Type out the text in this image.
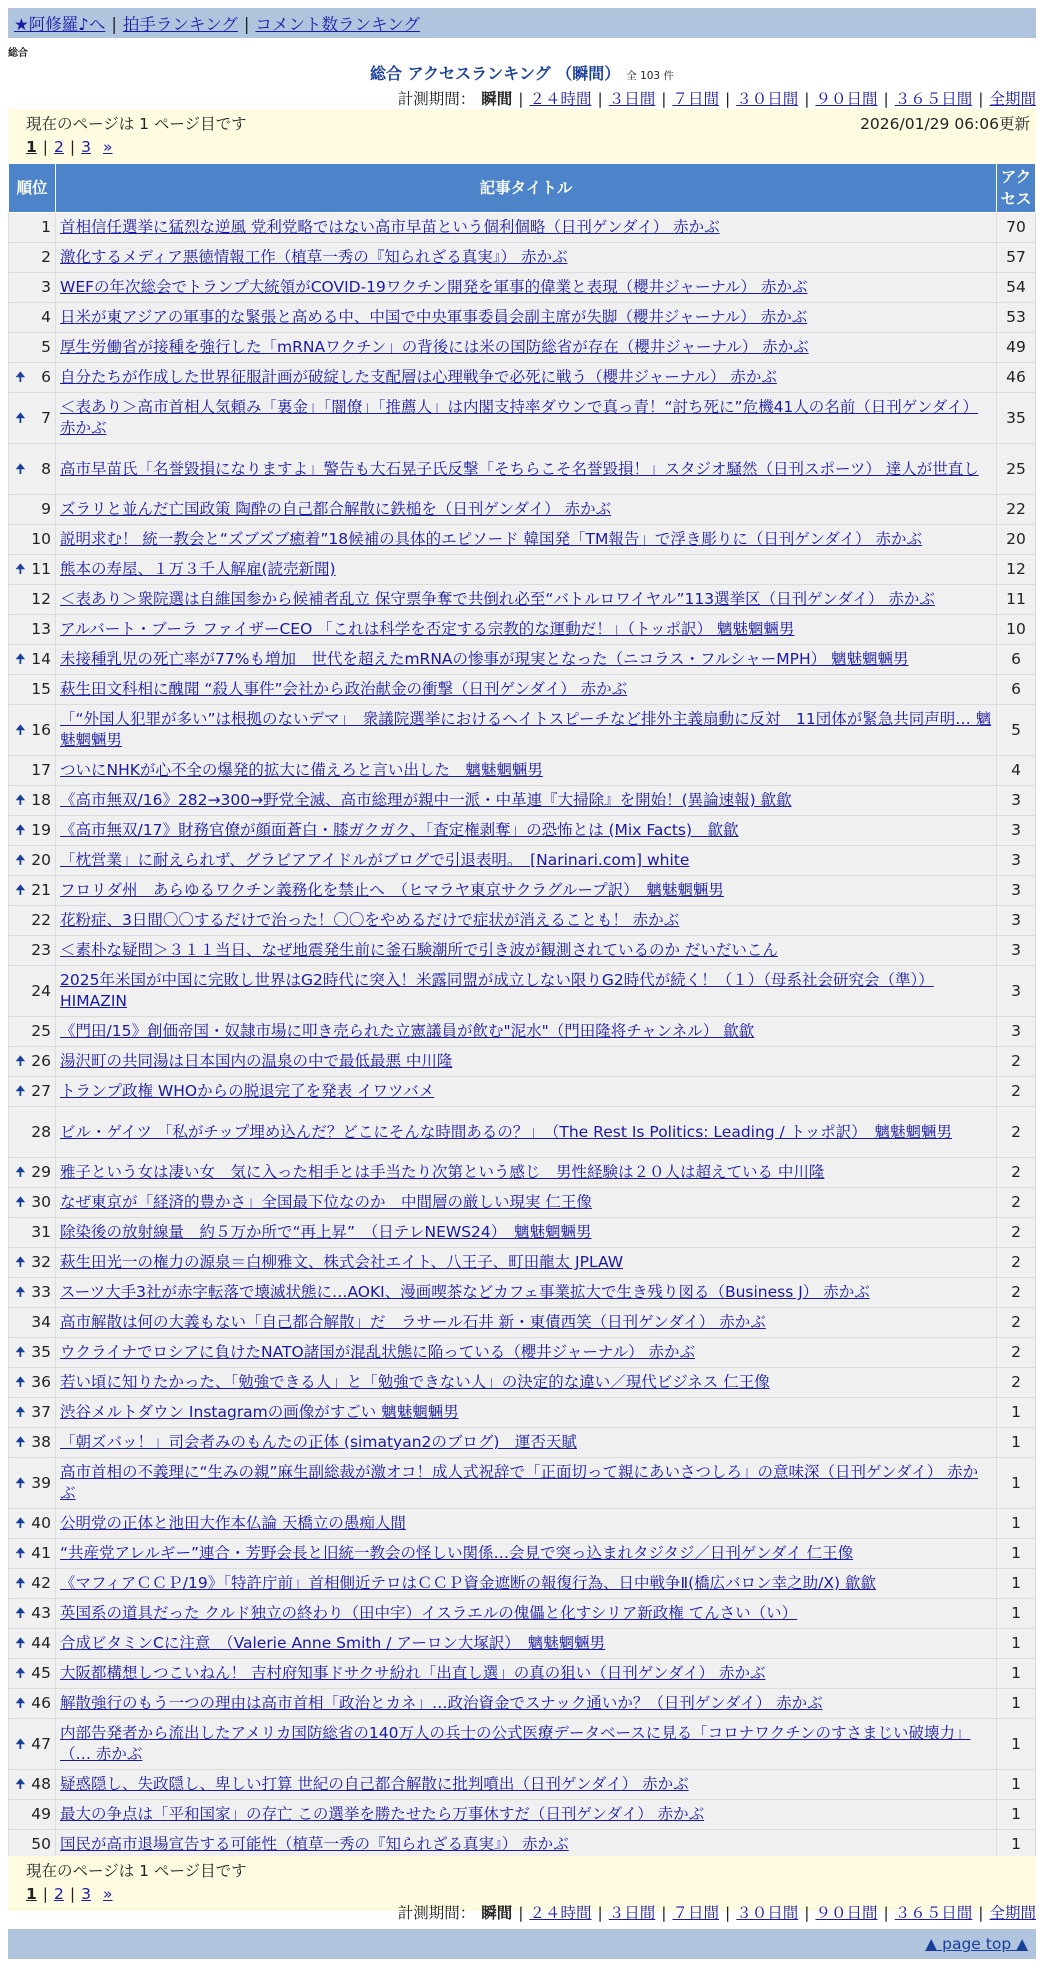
★阿修羅♪へ | 拍手ランキング | コメント数ランキング
総合
総合 アクセスランキング （瞬間） 全 103 件
計測期間： 瞬間 | ２４時間 | ３日間 | ７日間 | ３０日間 | ９０日間 | ３６５日間 | 全期間
現在のページは 1 ページ目です	2026/01/29 06:06更新
1 | 2 | 3 »
順位	記事タイトル	アクセス
1	首相信任選挙に猛烈な逆風 党利党略ではない高市早苗という個利個略（日刊ゲンダイ） 赤かぶ	70
2	激化するメディア悪徳情報工作（植草一秀の『知られざる真実』） 赤かぶ	57
3	WEFの年次総会でトランプ大統領がCOVID-19ワクチン開発を軍事的偉業と表現（櫻井ジャーナル） 赤かぶ	54
4	日米が東アジアの軍事的な緊張と高める中、中国で中央軍事委員会副主席が失脚（櫻井ジャーナル） 赤かぶ	53
5	厚生労働省が接種を強行した「mRNAワクチン」の背後には米の国防総省が存在（櫻井ジャーナル） 赤かぶ	49

🠉 6	自分たちが作成した世界征服計画が破綻した支配層は心理戦争で必死に戦う（櫻井ジャーナル） 赤かぶ	46

🠉 7	＜表あり＞高市首相人気頼み「裏金」「闇僚」「推薦人」は内閣支持率ダウンで真っ青！“討ち死に”危機41人の名前（日刊ゲンダイ） 赤かぶ	35

🠉 8	高市早苗氏「名誉毀損になりますよ」警告も大石晃子氏反撃「そちらこそ名誉毀損！」スタジオ騒然（日刊スポーツ） 達人が世直し	25
9	ズラリと並んだ亡国政策 陶酔の自己都合解散に鉄槌を（日刊ゲンダイ） 赤かぶ	22
10	説明求む！ 統一教会と“ズブズブ癒着”18候補の具体的エピソード 韓国発「TM報告」で浮き彫りに（日刊ゲンダイ） 赤かぶ	20

🠉 11	熊本の寿屋、１万３千人解雇(読売新聞)	12
12	＜表あり＞衆院選は自維国参から候補者乱立 保守票争奪で共倒れ必至“バトルロワイヤル”113選挙区（日刊ゲンダイ） 赤かぶ	11
13	アルバート・ブーラ ファイザーCEO 「これは科学を否定する宗教的な運動だ！」（トッポ訳） 魑魅魍魎男	10

🠉 14	未接種乳児の死亡率が77%も増加　世代を超えたmRNAの惨事が現実となった（ニコラス・フルシャーMPH） 魑魅魍魎男	6
15	萩生田文科相に醜聞 “殺人事件”会社から政治献金の衝撃（日刊ゲンダイ） 赤かぶ	6

🠉 16	「“外国人犯罪が多い”は根拠のないデマ」　衆議院選挙におけるヘイトスピーチなど排外主義扇動に反対　11団体が緊急共同声明… 魑魅魍魎男	5
17	ついにNHKが心不全の爆発的拡大に備えろと言い出した　魑魅魍魎男	4

🠉 18	《高市無双/16》282→300→野党全滅、高市総理が親中一派・中革連『大掃除』を開始！(異論速報) 歙歙	3

🠉 19	《高市無双/17》財務官僚が顔面蒼白・膝ガクガク、「査定権剥奪」の恐怖とは (Mix Facts)　歙歙	3

🠉 20	「枕営業」に耐えられず、グラビアアイドルがブログで引退表明。　[Narinari.com] white	3

🠉 21	フロリダ州　あらゆるワクチン義務化を禁止へ　（ヒマラヤ東京サクラグループ訳）　魑魅魍魎男	3
22	花粉症、3日間〇〇するだけで治った！〇〇をやめるだけで症状が消えることも！ 赤かぶ	3
23	＜素朴な疑問＞３１１当日、なぜ地震発生前に釜石験潮所で引き波が観測されているのか だいだいこん	3
24	2025年米国が中国に完敗し世界はG2時代に突入！米露同盟が成立しない限りG2時代が続く！（１）（母系社会研究会（準）） HIMAZIN	3
25	《門田/15》創価帝国・奴隷市場に叩き売られた立憲議員が飲む"泥水"（門田隆将チャンネル） 歙歙	3

🠉 26	湯沢町の共同湯は日本国内の温泉の中で最低最悪 中川隆	2

🠉 27	トランプ政権 WHOからの脱退完了を発表 イワツバメ	2
28	ビル・ゲイツ 「私がチップ埋め込んだ？どこにそんな時間あるの？」　（The Rest Is Politics: Leading / トッポ訳）　魑魅魍魎男	2

🠉 29	雅子という女は凄い女　気に入った相手とは手当たり次第という感じ　男性経験は２０人は超えている 中川隆	2

🠉 30	なぜ東京が「経済的豊かさ」全国最下位なのか　中間層の厳しい現実 仁王像	2
31	除染後の放射線量　約５万か所で“再上昇”　（日テレNEWS24）　魑魅魍魎男	2

🠉 32	萩生田光一の権力の源泉＝白柳雅文、株式会社エイト、八王子、町田龍太 JPLAW	2

🠉 33	スーツ大手3社が赤字転落で壊滅状態に…AOKI、漫画喫茶などカフェ事業拡大で生き残り図る（Business J） 赤かぶ	2
34	高市解散は何の大義もない「自己都合解散」だ　ラサール石井 新・東債西笑（日刊ゲンダイ） 赤かぶ	2

🠉 35	ウクライナでロシアに負けたNATO諸国が混乱状態に陥っている（櫻井ジャーナル） 赤かぶ	2

🠉 36	若い頃に知りたかった、「勉強できる人」と「勉強できない人」の決定的な違い／現代ビジネス 仁王像	2

🠉 37	渋谷メルトダウン Instagramの画像がすごい 魑魅魍魎男	1

🠉 38	「朝ズバッ！」司会者みのもんたの正体 (simatyan2のブログ)　運否天賦	1

🠉 39	高市首相の不義理に“生みの親”麻生副総裁が激オコ！成人式祝辞で「正面切って親にあいさつしろ」の意味深（日刊ゲンダイ） 赤かぶ	1

🠉 40	公明党の正体と池田大作本仏論 天橋立の愚痴人間	1

🠉 41	“共産党アレルギー”連合・芳野会長と旧統一教会の怪しい関係…会見で突っ込まれタジタジ／日刊ゲンダイ 仁王像	1

🠉 42	《マフィアＣＣＰ/19》「特許庁前」首相側近テロはＣＣＰ資金遮断の報復行為、日中戦争Ⅱ(橋広バロン幸之助/X) 歙歙	1

🠉 43	英国系の道具だった クルド独立の終わり（田中宇）イスラエルの傀儡と化すシリア新政権 てんさい（い）	1

🠉 44	合成ビタミンCに注意　（Valerie Anne Smith / アーロン大塚訳）　魑魅魍魎男	1

🠉 45	大阪都構想しつこいねん！ 吉村府知事ドサクサ紛れ「出直し選」の真の狙い（日刊ゲンダイ） 赤かぶ	1

🠉 46	解散強行のもう一つの理由は高市首相「政治とカネ」…政治資金でスナック通いか？（日刊ゲンダイ） 赤かぶ	1

🠉 47	内部告発者から流出したアメリカ国防総省の140万人の兵士の公式医療データベースに見る「コロナワクチンのすさまじい破壊力」（… 赤かぶ	1

🠉 48	疑惑隠し、失政隠し、卑しい打算 世紀の自己都合解散に批判噴出（日刊ゲンダイ） 赤かぶ	1
49	最大の争点は「平和国家」の存亡 この選挙を勝たせたら万事休すだ（日刊ゲンダイ） 赤かぶ	1
50	国民が高市退場宣告する可能性（植草一秀の『知られざる真実』） 赤かぶ	1
現在のページは 1 ページ目です
1 | 2 | 3 »
計測期間： 瞬間 | ２４時間 | ３日間 | ７日間 | ３０日間 | ９０日間 | ３６５日間 | 全期間
▲ page top ▲
